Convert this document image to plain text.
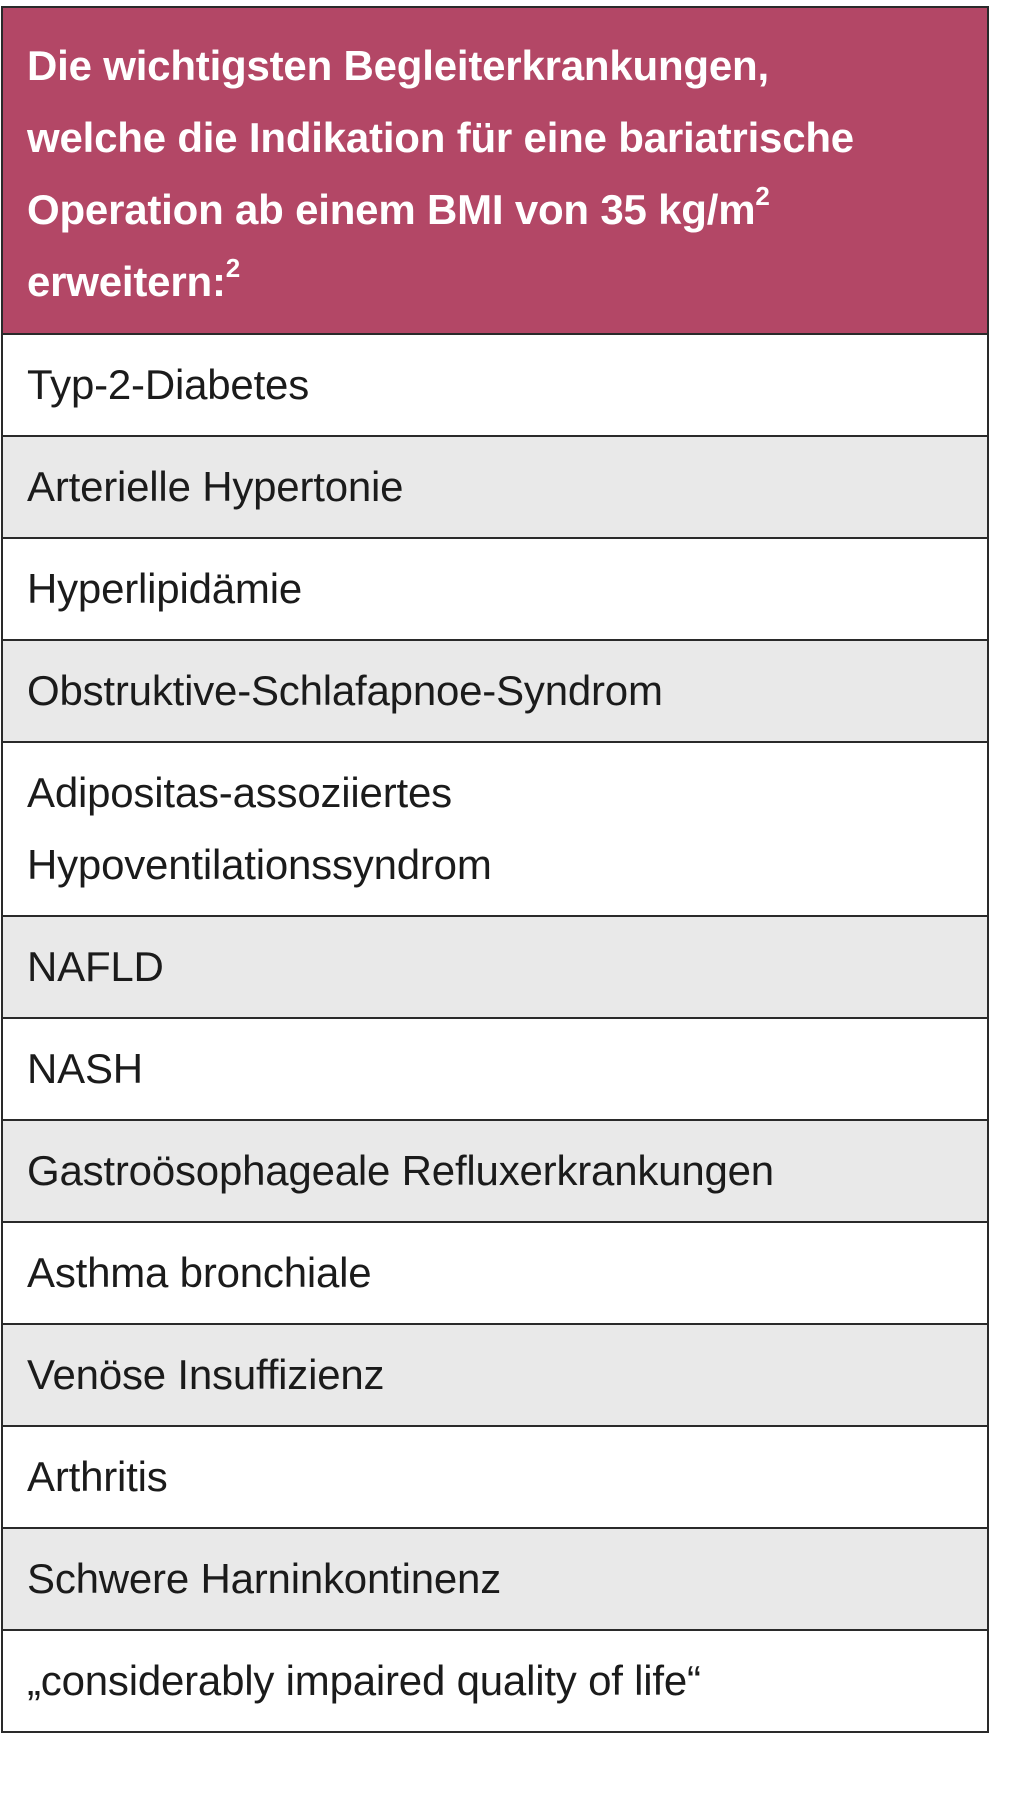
Die wichtigsten Begleiterkrankungen,
welche die Indikation für eine bariatrische
Operation ab einem BMI von 35 $kg/m^2$
erweitern:$^2$
Typ-2-Diabetes
Arterielle Hypertonie
Hyperlipidämie
Obstruktive-Schlafapnoe-Syndrom
Adipositas-assoziiertes
Hypoventilationssyndrom
NAFLD
NASH
Gastroösophageale Refluxerkrankungen
Asthma bronchiale
Venöse Insuffizienz
Arthritis
Schwere Harninkontinenz
„considerably impaired quality of life“
